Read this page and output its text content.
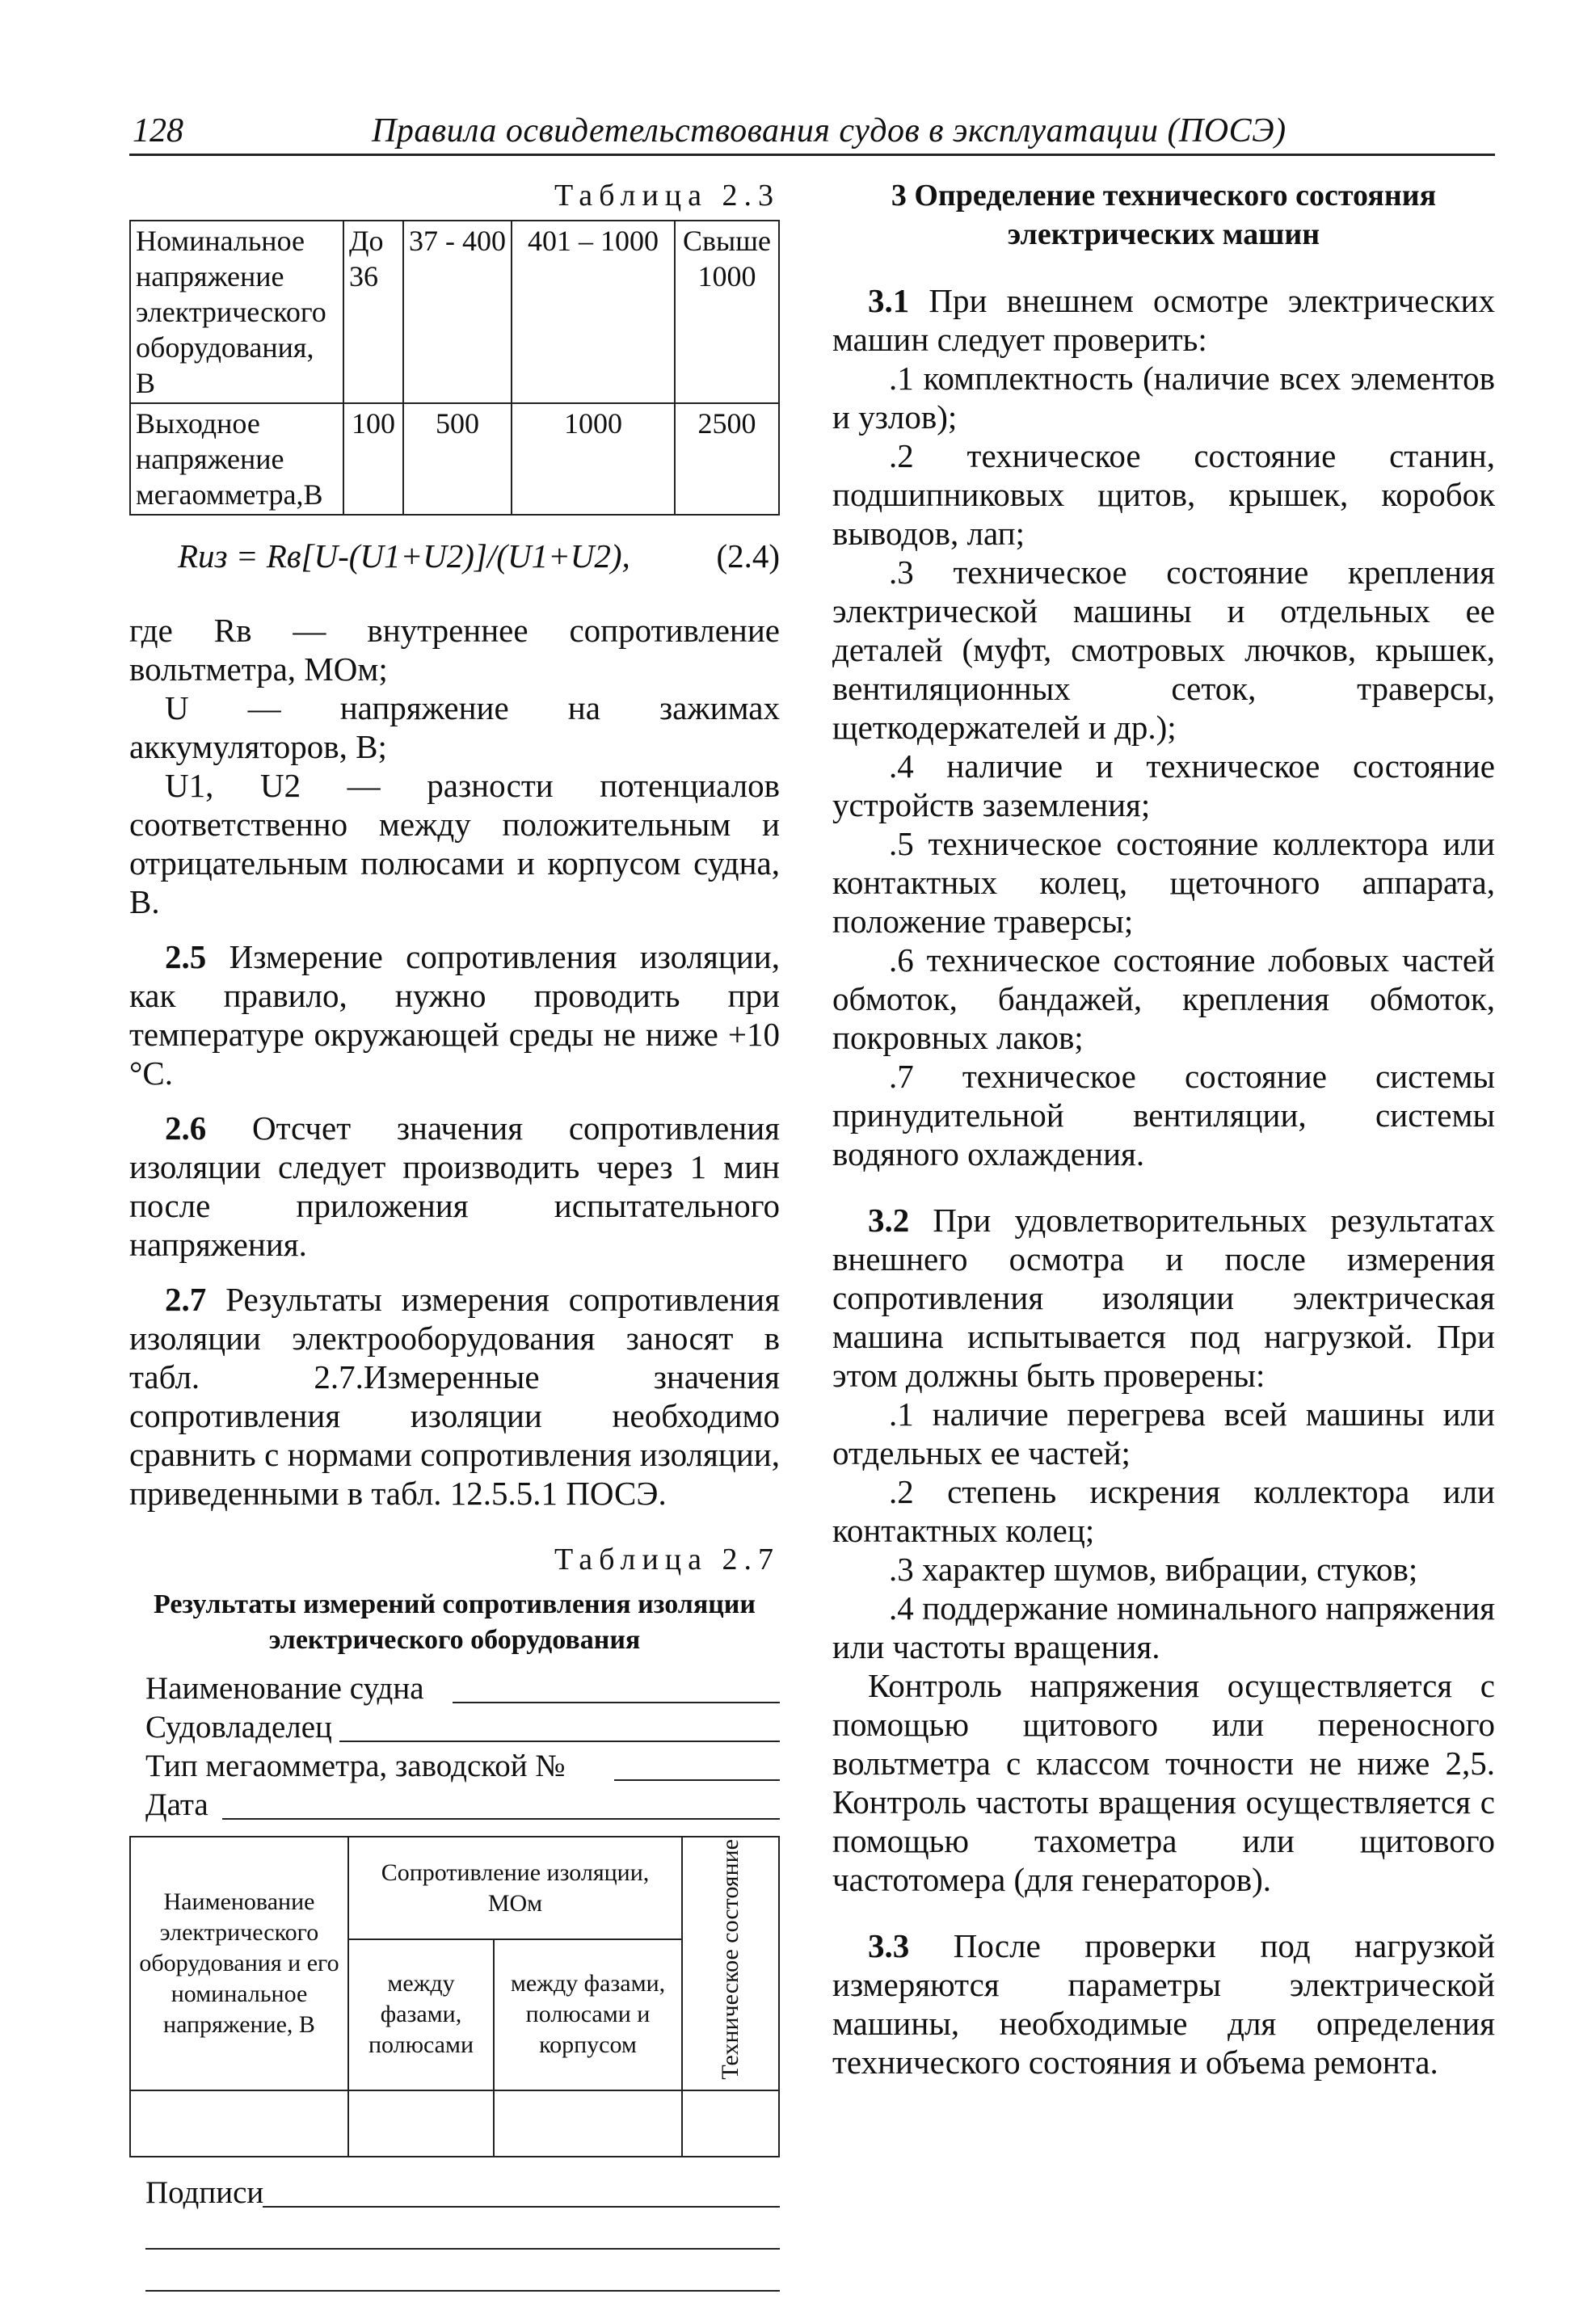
128	Правила освидетельствования судов в эксплуатации (ПОСЭ)
Таблица 2.3
Номинальное напряжение электрического оборудования, В	До 36	37 - 400	401 – 1000	Свыше 1000
Выходное напряжение мегаомметра,В	100	500	1000	2500
Rиз = Rв[U-(U1+U2)]/(U1+U2),	(2.4)

где Rв — внутреннее сопротивление вольтметра, МОм;

U — напряжение на зажимах аккумуляторов, В;

U1, U2 — разности потенциалов соответственно между положительным и отрицательным полюсами и корпусом судна, В.

2.5 Измерение сопротивления изоляции, как правило, нужно проводить при температуре окружающей среды не ниже +10 °С.

2.6 Отсчет значения сопротивления изоляции следует производить через 1 мин после приложения испытательного напряжения.

2.7 Результаты измерения сопротивления изоляции электрооборудования заносят в табл. 2.7.Измеренные значения сопротивления изоляции необходимо сравнить с нормами сопротивления изоляции, приведенными в табл. 12.5.5.1 ПОСЭ.

Таблица 2.7
Результаты измерений сопротивления изоляции электрического оборудования
Наименование судна
Судовладелец
Тип мегаомметра, заводской №
Дата
Наименование электрического оборудования и его номинальное напряжение, В	Сопротивление изоляции, МОм		Техническое состояние
	между фазами, полюсами	между фазами, полюсами и корпусом	

Подписи
3 Определение технического состояния электрических машин

3.1 При внешнем осмотре электрических машин следует проверить:

.1 комплектность (наличие всех элементов и узлов);

.2 техническое состояние станин, подшипниковых щитов, крышек, коробок выводов, лап;

.3 техническое состояние крепления электрической машины и отдельных ее деталей (муфт, смотровых лючков, крышек, вентиляционных сеток, траверсы, щеткодержателей и др.);

.4 наличие и техническое состояние устройств заземления;

.5 техническое состояние коллектора или контактных колец, щеточного аппарата, положение траверсы;

.6 техническое состояние лобовых частей обмоток, бандажей, крепления обмоток, покровных лаков;

.7 техническое состояние системы принудительной вентиляции, системы водяного охлаждения.

3.2 При удовлетворительных результатах внешнего осмотра и после измерения сопротивления изоляции электрическая машина испытывается под нагрузкой. При этом должны быть проверены:

.1 наличие перегрева всей машины или отдельных ее частей;

.2 степень искрения коллектора или контактных колец;

.3 характер шумов, вибрации, стуков;

.4 поддержание номинального напряжения или частоты вращения.

Контроль напряжения осуществляется с помощью щитового или переносного вольтметра с классом точности не ниже 2,5. Контроль частоты вращения осуществляется с помощью тахометра или щитового частотомера (для генераторов).

3.3 После проверки под нагрузкой измеряются параметры электрической машины, необходимые для определения технического состояния и объема ремонта.
